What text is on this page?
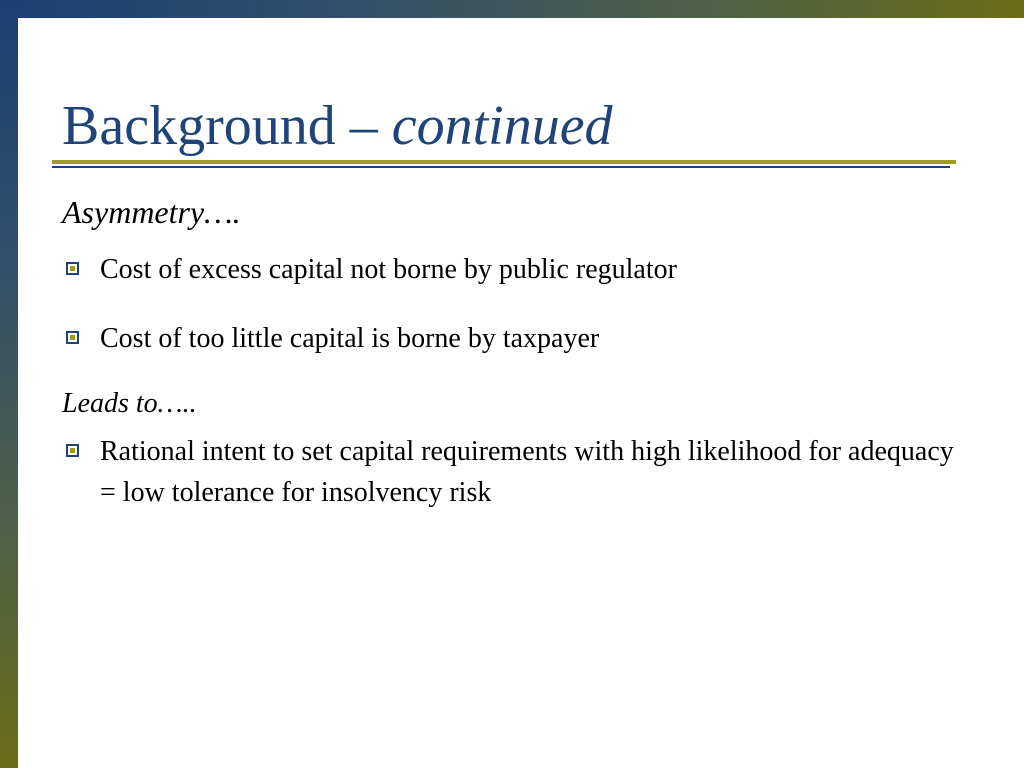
Background – continued

Asymmetry….

Cost of excess capital not borne by public regulator
Cost of too little capital is borne by taxpayer

Leads to…..

Rational intent to set capital requirements with high likelihood for adequacy = low tolerance for insolvency risk
